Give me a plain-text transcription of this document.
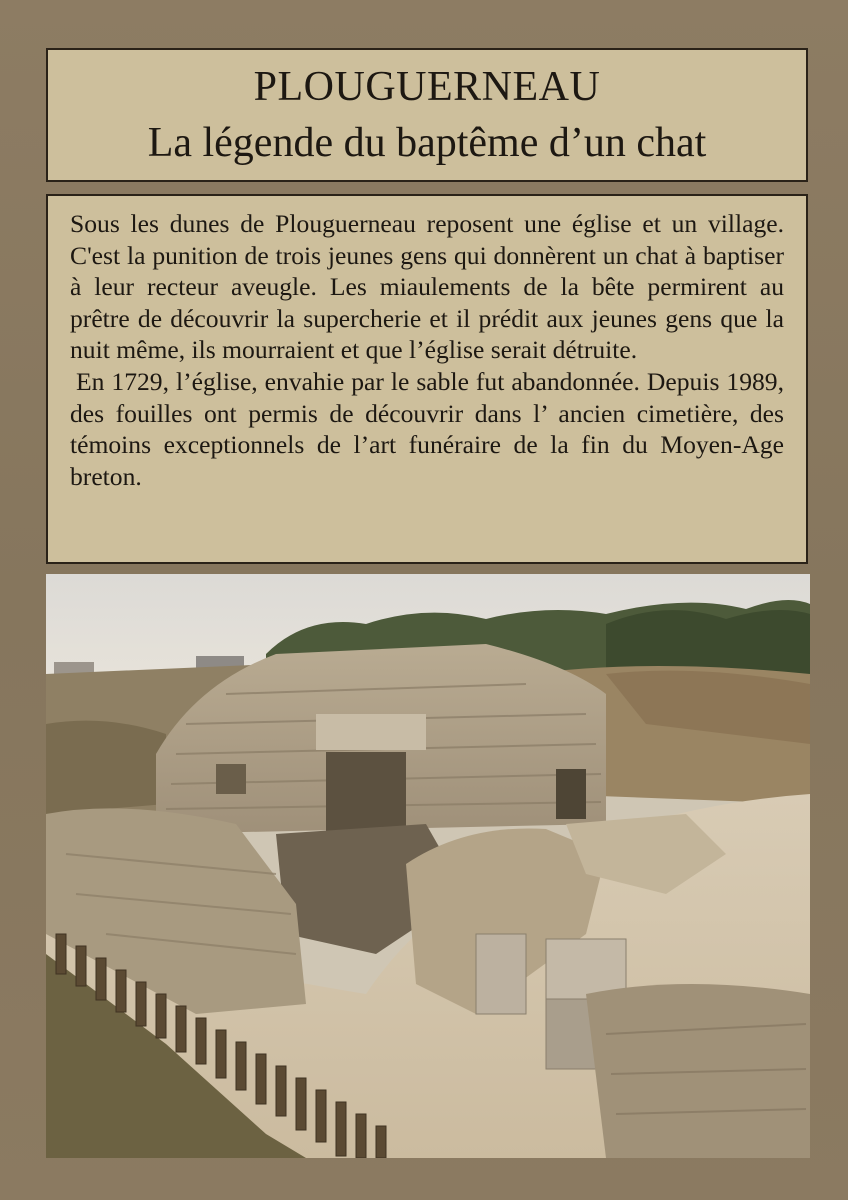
PLOUGUERNEAU
La légende du baptême d’un chat

Sous les dunes de Plouguerneau reposent une église et un village. C'est la punition de trois jeunes gens qui donnèrent un chat à baptiser à leur recteur aveugle. Les miaulements de la bête permirent au prêtre de découvrir la supercherie et il prédit aux jeunes gens que la nuit même, ils mourraient et que l’église serait détruite.

En 1729, l’église, envahie par le sable fut abandonnée. Depuis 1989, des fouilles ont permis de découvrir dans l’ ancien cimetière, des témoins exceptionnels de l’art funéraire de la fin du Moyen-Age breton.
